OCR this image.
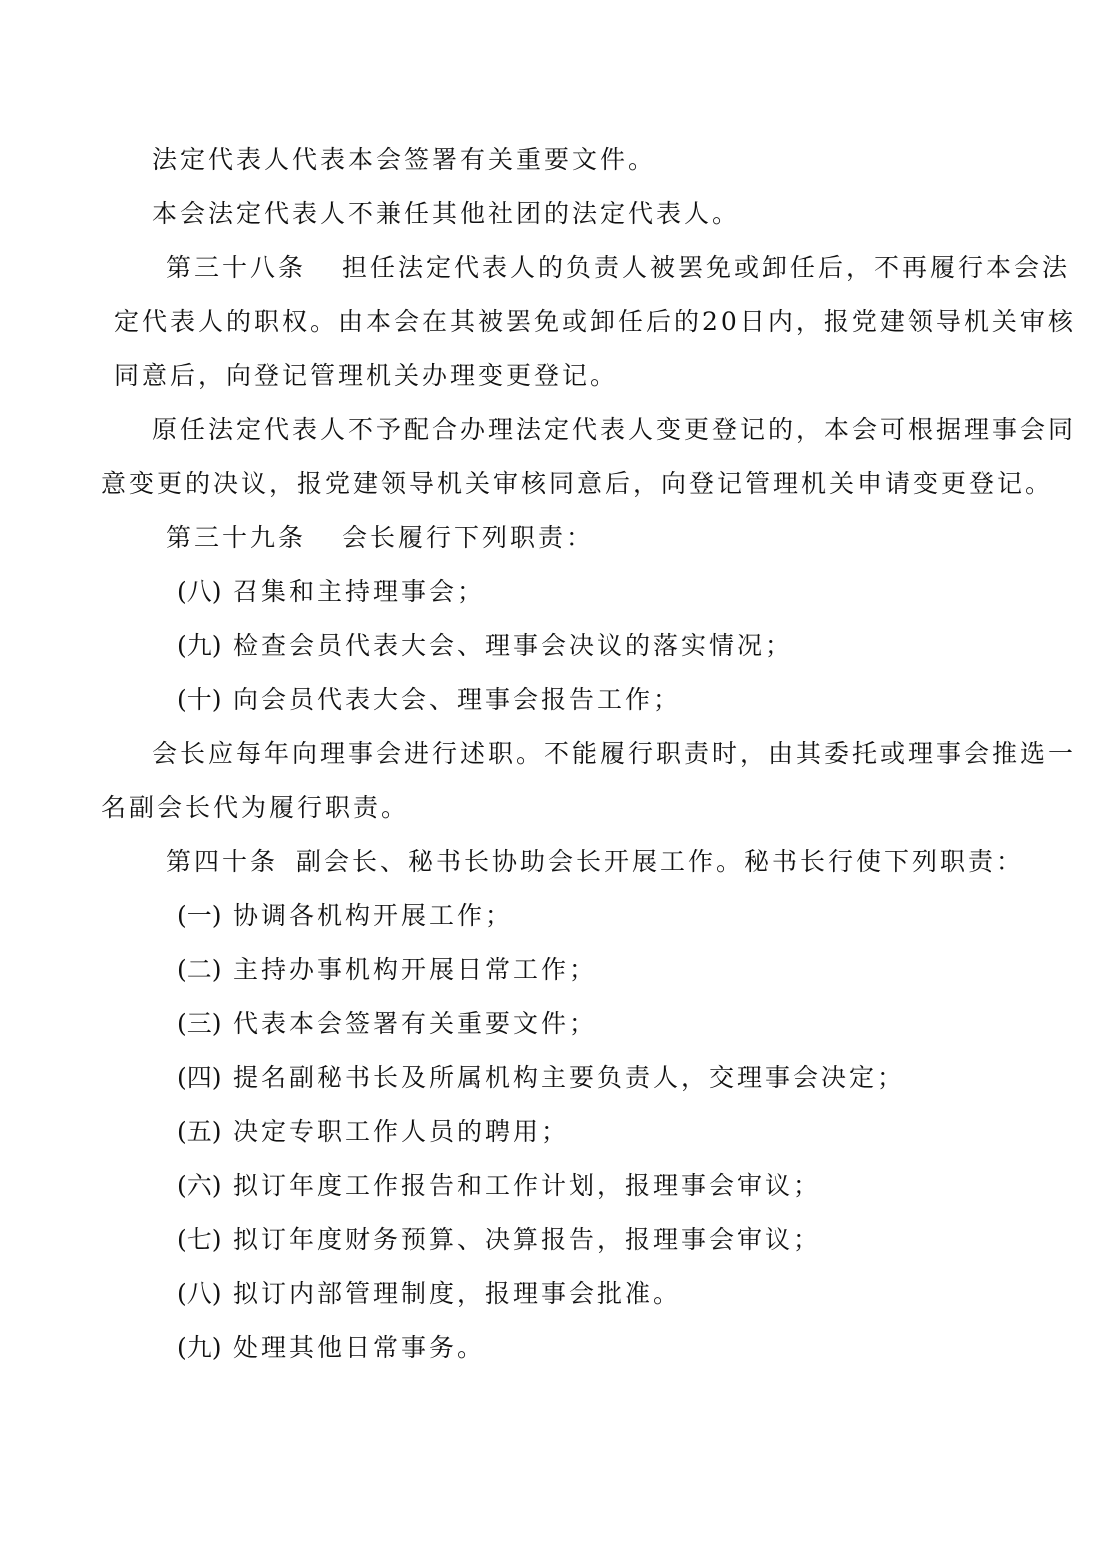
法定代表人代表本会签署有关重要文件。
本会法定代表人不兼任其他社团的法定代表人。
第三十八条 担任法定代表人的负责人被罢免或卸任后，不再履行本会法
定代表人的职权。由本会在其被罢免或卸任后的20日内，报党建领导机关审核
同意后，向登记管理机关办理变更登记。
原任法定代表人不予配合办理法定代表人变更登记的，本会可根据理事会同
意变更的决议，报党建领导机关审核同意后，向登记管理机关申请变更登记。
第三十九条 会长履行下列职责：
(八) 召集和主持理事会；
(九) 检查会员代表大会、理事会决议的落实情况；
(十) 向会员代表大会、理事会报告工作；
会长应每年向理事会进行述职。不能履行职责时，由其委托或理事会推选一
名副会长代为履行职责。
第四十条 副会长、秘书长协助会长开展工作。秘书长行使下列职责：
(一) 协调各机构开展工作；
(二) 主持办事机构开展日常工作；
(三) 代表本会签署有关重要文件；
(四) 提名副秘书长及所属机构主要负责人，交理事会决定；
(五) 决定专职工作人员的聘用；
(六) 拟订年度工作报告和工作计划，报理事会审议；
(七) 拟订年度财务预算、决算报告，报理事会审议；
(八) 拟订内部管理制度，报理事会批准。
(九) 处理其他日常事务。
